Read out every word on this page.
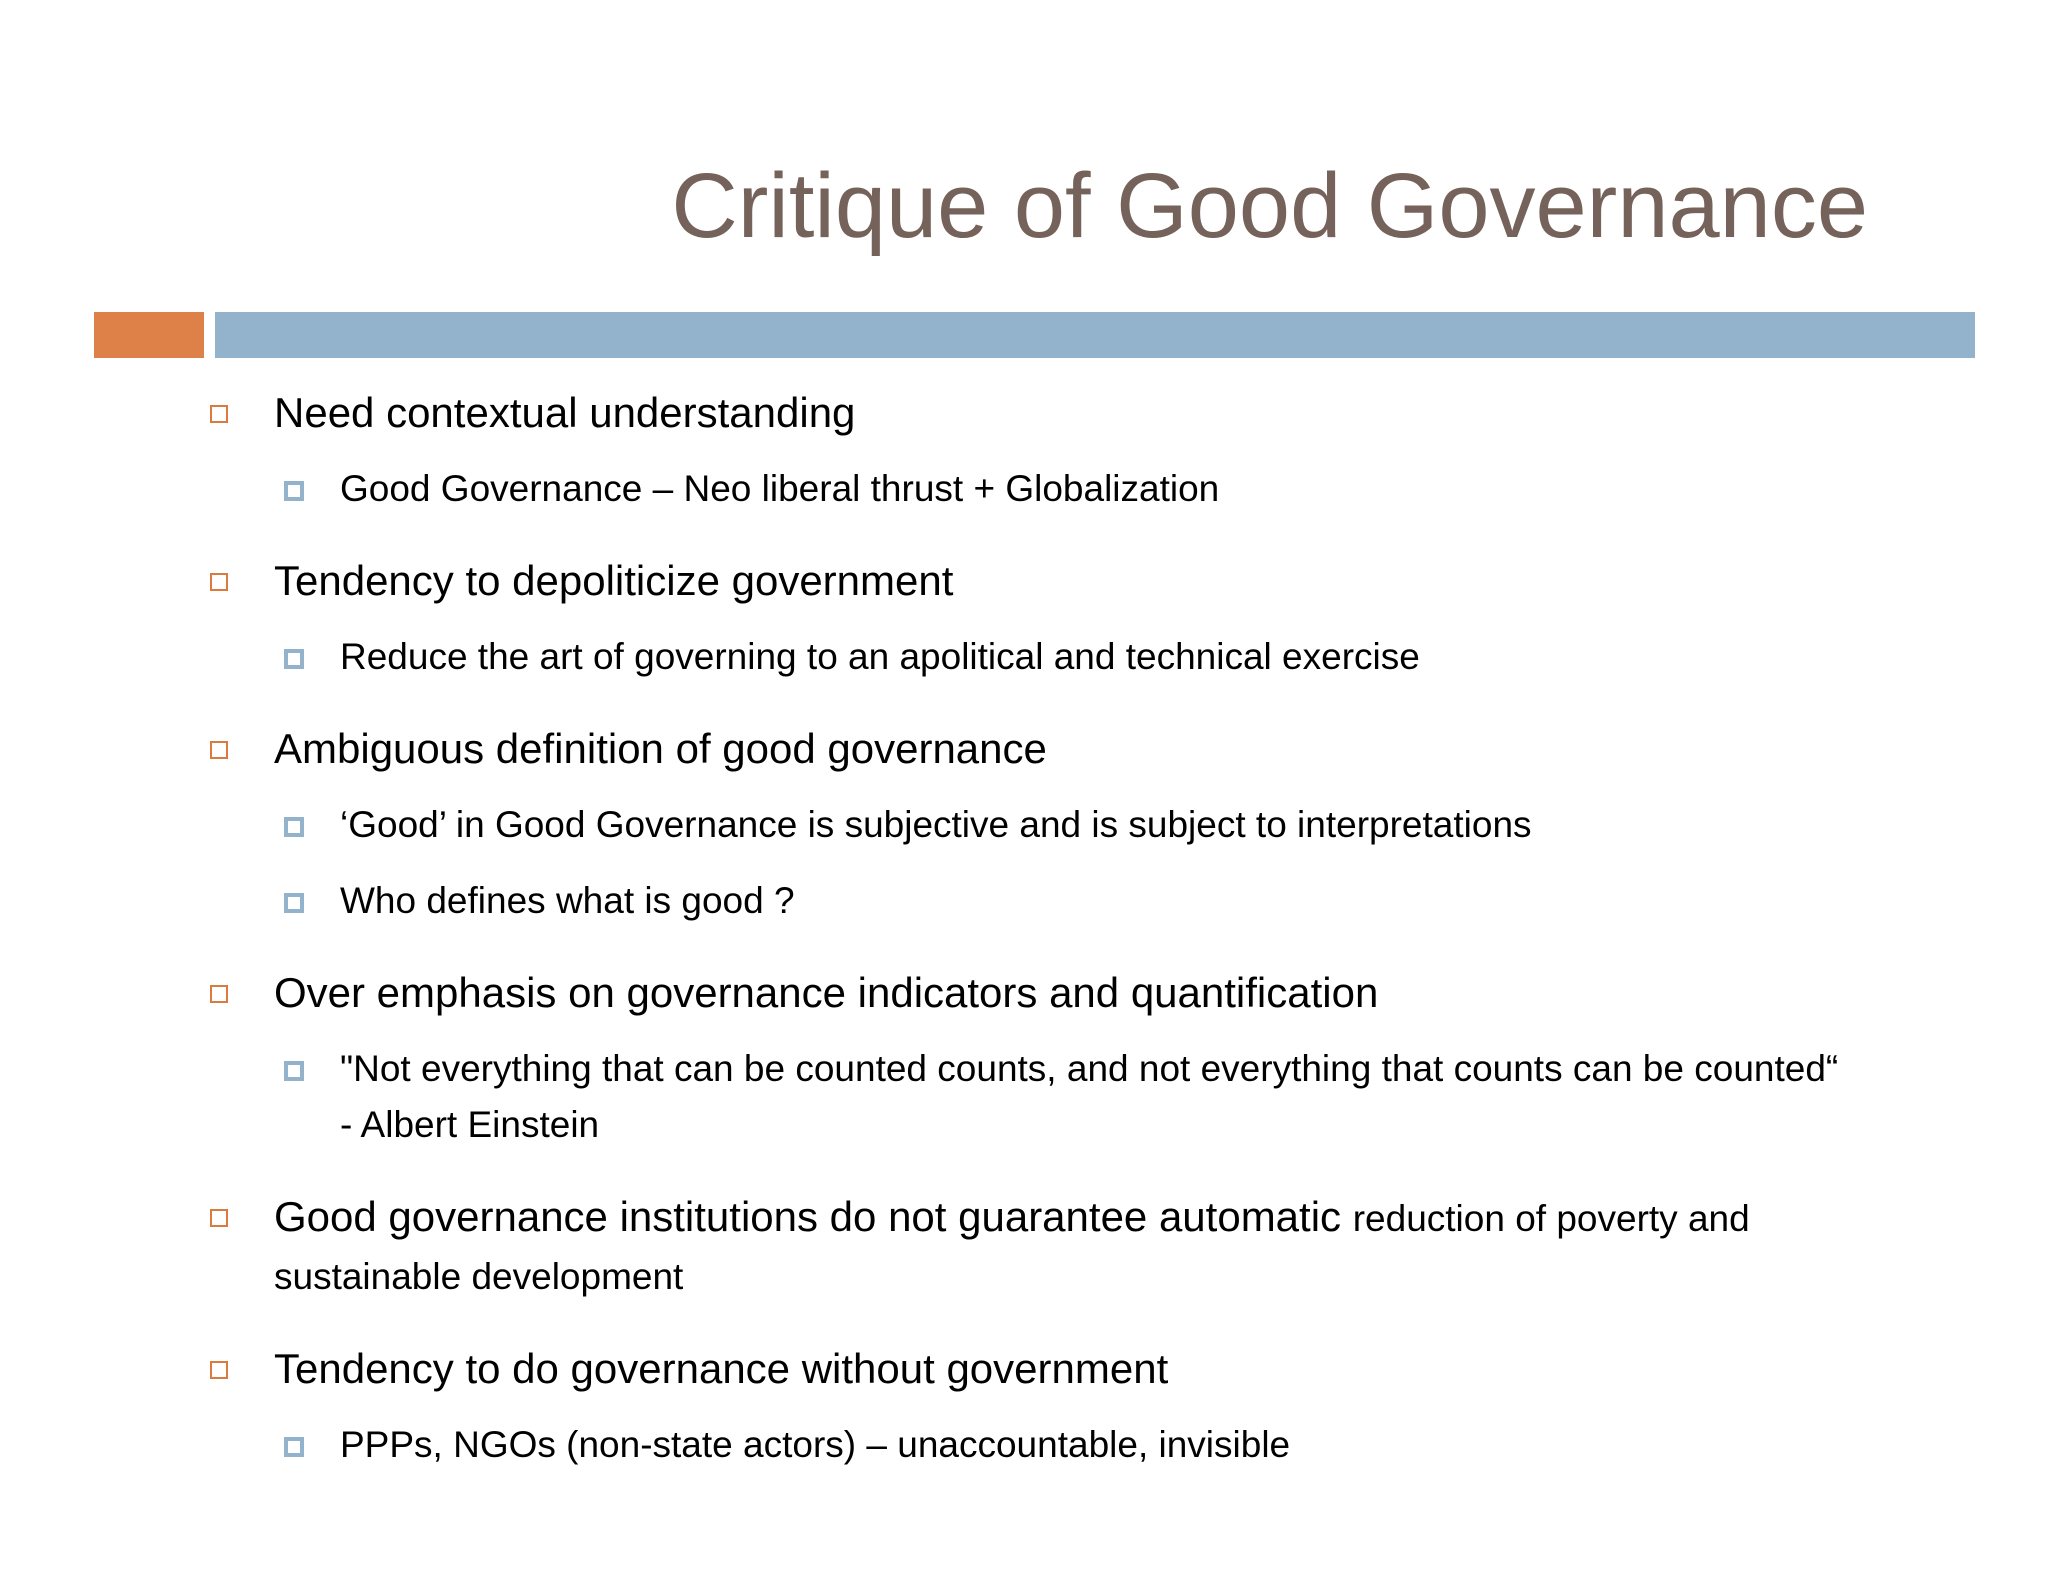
Critique of Good Governance
Need contextual understanding
Good Governance – Neo liberal thrust + Globalization
Tendency to depoliticize government
Reduce the art of governing to an apolitical and technical exercise
Ambiguous definition of good governance
‘Good’ in Good Governance is subjective and is subject to interpretations
Who defines what is good ?
Over emphasis on governance indicators and quantification
"Not everything that can be counted counts, and not everything that counts can be counted“ - Albert Einstein
Good governance institutions do not guarantee automatic reduction of poverty and sustainable development
Tendency to do governance without government
PPPs, NGOs (non-state actors) – unaccountable, invisible
